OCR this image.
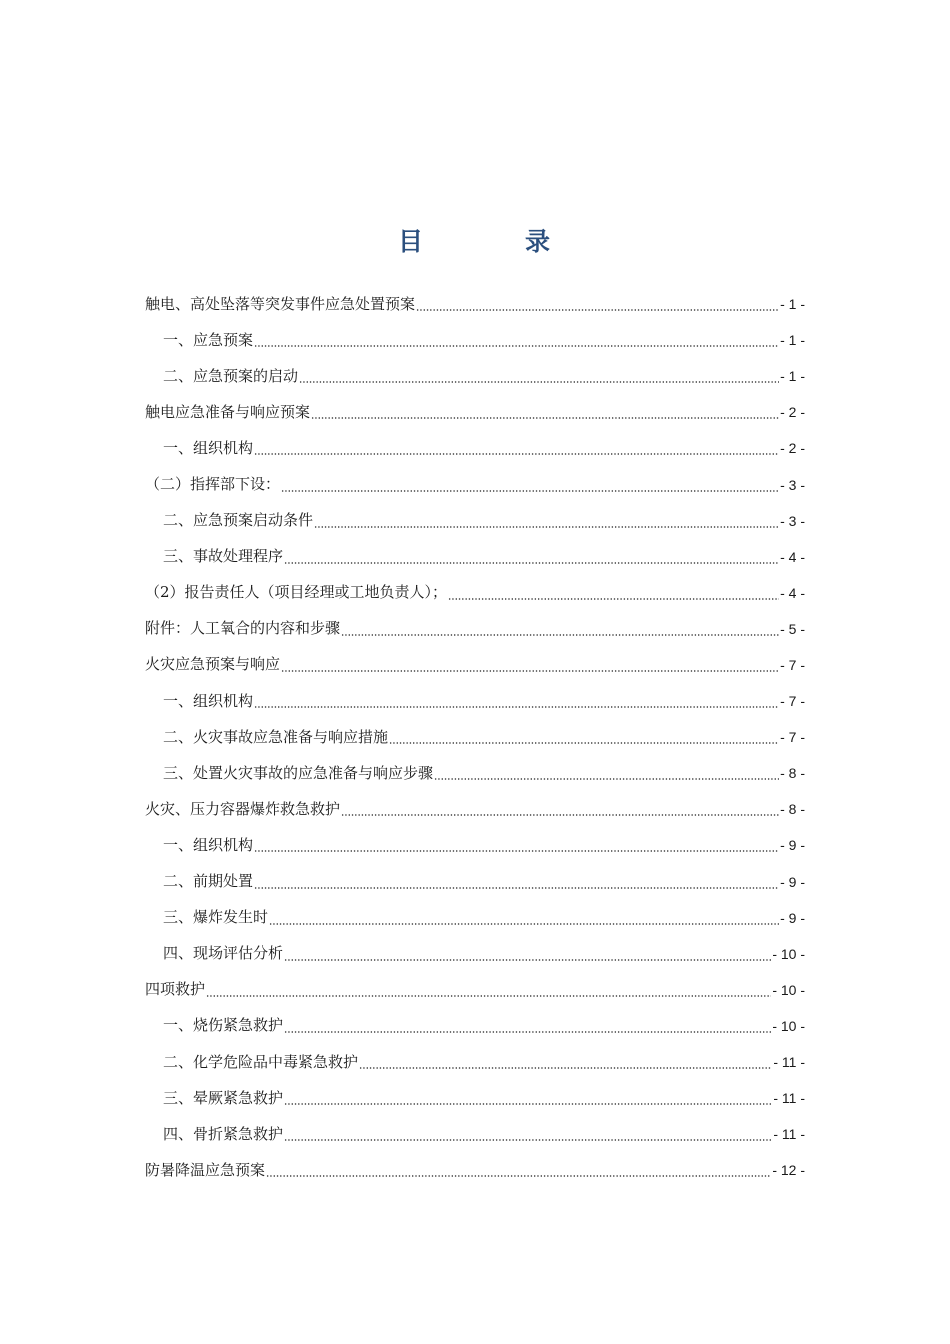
目	录
触电、高处坠落等突发事件应急处置预案	- 1 -
一、应急预案	- 1 -
二、应急预案的启动	- 1 -
触电应急准备与响应预案	- 2 -
一、组织机构	- 2 -
（二）指挥部下设：	- 3 -
二、应急预案启动条件	- 3 -
三、事故处理程序	- 4 -
（2）报告责任人（项目经理或工地负责人）；	- 4 -
附件：人工氧合的内容和步骤	- 5 -
火灾应急预案与响应	- 7 -
一、组织机构	- 7 -
二、火灾事故应急准备与响应措施	- 7 -
三、处置火灾事故的应急准备与响应步骤	- 8 -
火灾、压力容器爆炸救急救护	- 8 -
一、组织机构	- 9 -
二、前期处置	- 9 -
三、爆炸发生时	- 9 -
四、现场评估分析	- 10 -
四项救护	- 10 -
一、烧伤紧急救护	- 10 -
二、化学危险品中毒紧急救护	- 11 -
三、晕厥紧急救护	- 11 -
四、骨折紧急救护	- 11 -
防暑降温应急预案	- 12 -
